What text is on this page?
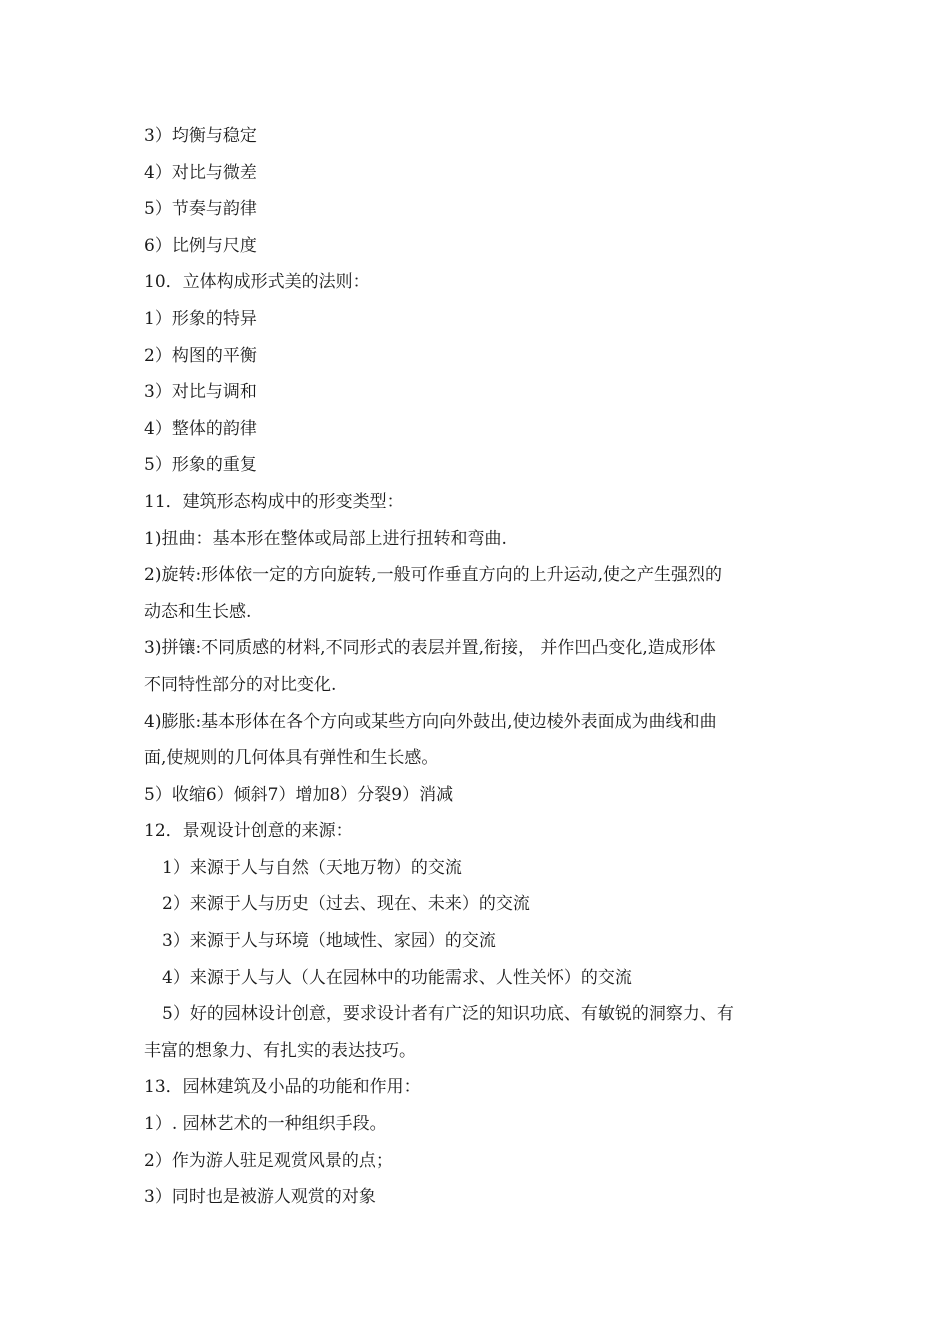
3）均衡与稳定
4）对比与微差
5）节奏与韵律
6）比例与尺度
10．立体构成形式美的法则：
1）形象的特异
2）构图的平衡
3）对比与调和
4）整体的韵律
5）形象的重复
11．建筑形态构成中的形变类型：
1)扭曲：基本形在整体或局部上进行扭转和弯曲.
2)旋转:形体依一定的方向旋转,一般可作垂直方向的上升运动,使之产生强烈的
动态和生长感.
3)拼镶:不同质感的材料,不同形式的表层并置,衔接， 并作凹凸变化,造成形体
不同特性部分的对比变化.
4)膨胀:基本形体在各个方向或某些方向向外鼓出,使边棱外表面成为曲线和曲
面,使规则的几何体具有弹性和生长感。
5）收缩6）倾斜7）增加8）分裂9）消减
12．景观设计创意的来源：
1）来源于人与自然（天地万物）的交流
2）来源于人与历史（过去、现在、未来）的交流
3）来源于人与环境（地域性、家园）的交流
4）来源于人与人（人在园林中的功能需求、人性关怀）的交流
5）好的园林设计创意，要求设计者有广泛的知识功底、有敏锐的洞察力、有
丰富的想象力、有扎实的表达技巧。
13．园林建筑及小品的功能和作用：
1）. 园林艺术的一种组织手段。
2）作为游人驻足观赏风景的点；
3）同时也是被游人观赏的对象
